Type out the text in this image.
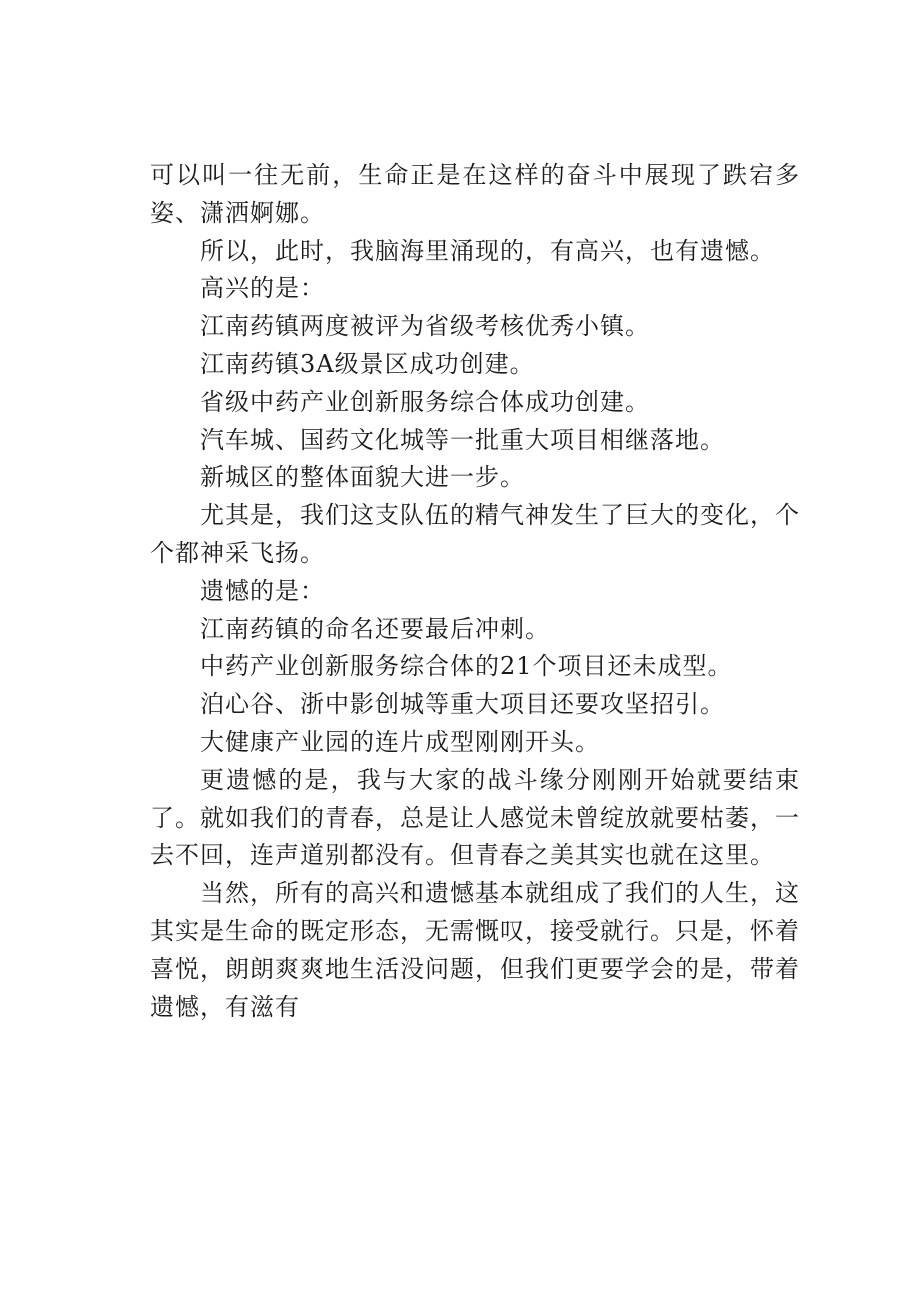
可以叫一往无前，生命正是在这样的奋斗中展现了跌宕多姿、潇洒婀娜。

所以，此时，我脑海里涌现的，有高兴，也有遗憾。

高兴的是：

江南药镇两度被评为省级考核优秀小镇。

江南药镇3A级景区成功创建。

省级中药产业创新服务综合体成功创建。

汽车城、国药文化城等一批重大项目相继落地。

新城区的整体面貌大进一步。

尤其是，我们这支队伍的精气神发生了巨大的变化，个个都神采飞扬。

遗憾的是：

江南药镇的命名还要最后冲刺。

中药产业创新服务综合体的21个项目还未成型。

泊心谷、浙中影创城等重大项目还要攻坚招引。

大健康产业园的连片成型刚刚开头。

更遗憾的是，我与大家的战斗缘分刚刚开始就要结束了。就如我们的青春，总是让人感觉未曾绽放就要枯萎，一去不回，连声道别都没有。但青春之美其实也就在这里。

当然，所有的高兴和遗憾基本就组成了我们的人生，这其实是生命的既定形态，无需慨叹，接受就行。只是，怀着喜悦，朗朗爽爽地生活没问题，但我们更要学会的是，带着遗憾，有滋有
